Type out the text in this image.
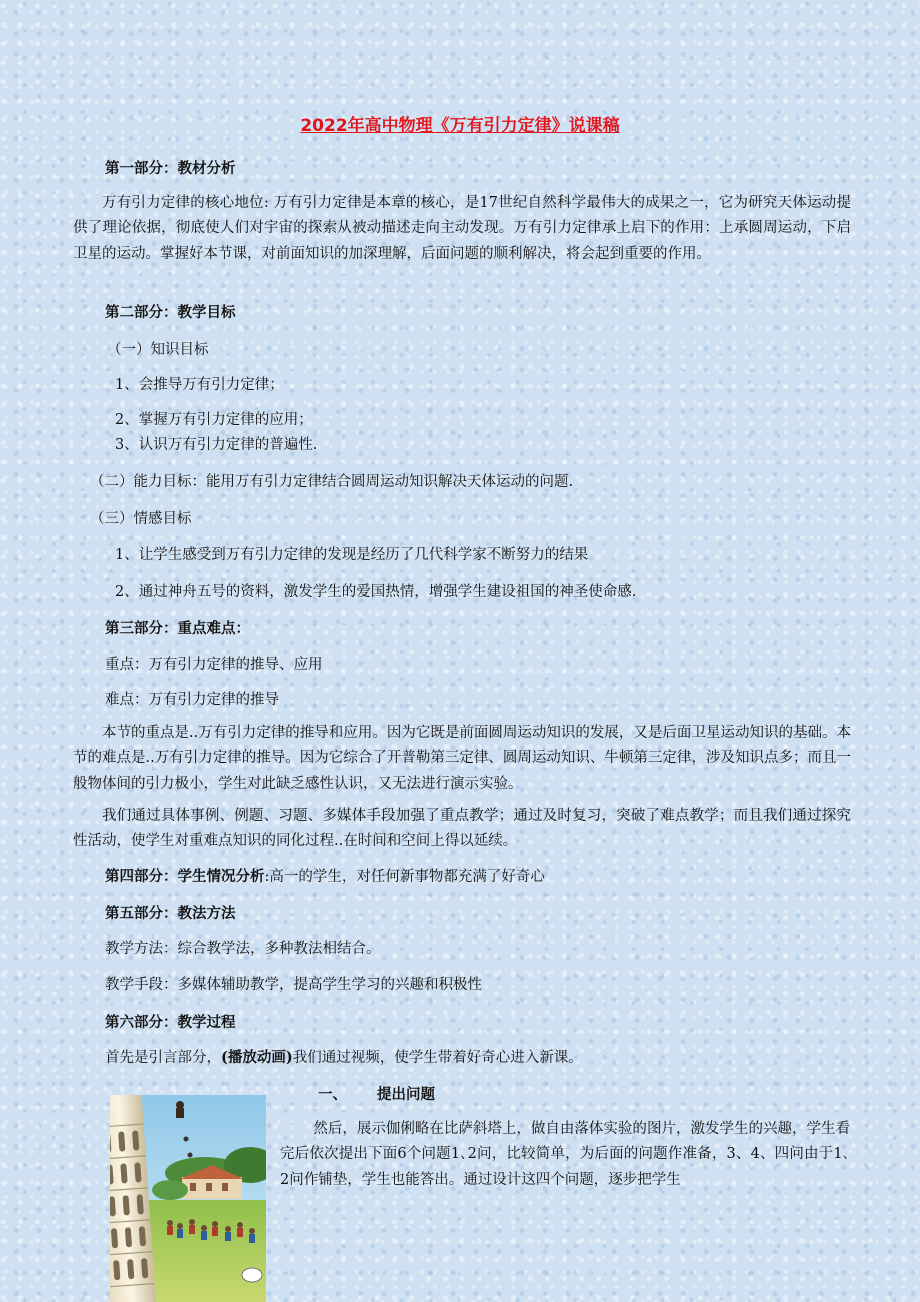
2022年高中物理《万有引力定律》说课稿
第一部分：教材分析
万有引力定律的核心地位: 万有引力定律是本章的核心，是17世纪自然科学最伟大的成果之一，它为研究天体运动提供了理论依据，彻底使人们对宇宙的探索从被动描述走向主动发现。万有引力定律承上启下的作用：上承圆周运动，下启卫星的运动。掌握好本节课，对前面知识的加深理解，后面问题的顺利解决，将会起到重要的作用。
第二部分：教学目标
（一）知识目标
1、会推导万有引力定律；
2、掌握万有引力定律的应用；
3、认识万有引力定律的普遍性.
（二）能力目标：能用万有引力定律结合圆周运动知识解决天体运动的问题.
（三）情感目标
1、让学生感受到万有引力定律的发现是经历了几代科学家不断努力的结果
2、通过神舟五号的资料，激发学生的爱国热情，增强学生建设祖国的神圣使命感.
第三部分：重点难点：
重点：万有引力定律的推导、应用
难点：万有引力定律的推导
本节的重点是..万有引力定律的推导和应用。因为它既是前面圆周运动知识的发展，又是后面卫星运动知识的基础。本节的难点是..万有引力定律的推导。因为它综合了开普勒第三定律、圆周运动知识、牛顿第三定律，涉及知识点多；而且一般物体间的引力极小，学生对此缺乏感性认识，又无法进行演示实验。
我们通过具体事例、例题、习题、多媒体手段加强了重点教学；通过及时复习，突破了难点教学；而且我们通过探究性活动，使学生对重难点知识的同化过程..在时间和空间上得以延续。
第四部分：学生情况分析:高一的学生，对任何新事物都充满了好奇心
第五部分：教法方法
教学方法：综合教学法，多种教法相结合。
教学手段：多媒体辅助教学，提高学生学习的兴趣和积极性
第六部分：教学过程
首先是引言部分，(播放动画)我们通过视频，使学生带着好奇心进入新课。
一、 提出问题
然后，展示伽俐略在比萨斜塔上，做自由落体实验的图片，激发学生的兴趣，学生看完后依次提出下面6个问题1､2问，比较简单，为后面的问题作准备，3、4、四问由于1､2问作铺垫，学生也能答出。通过设计这四个问题，逐步把学生
